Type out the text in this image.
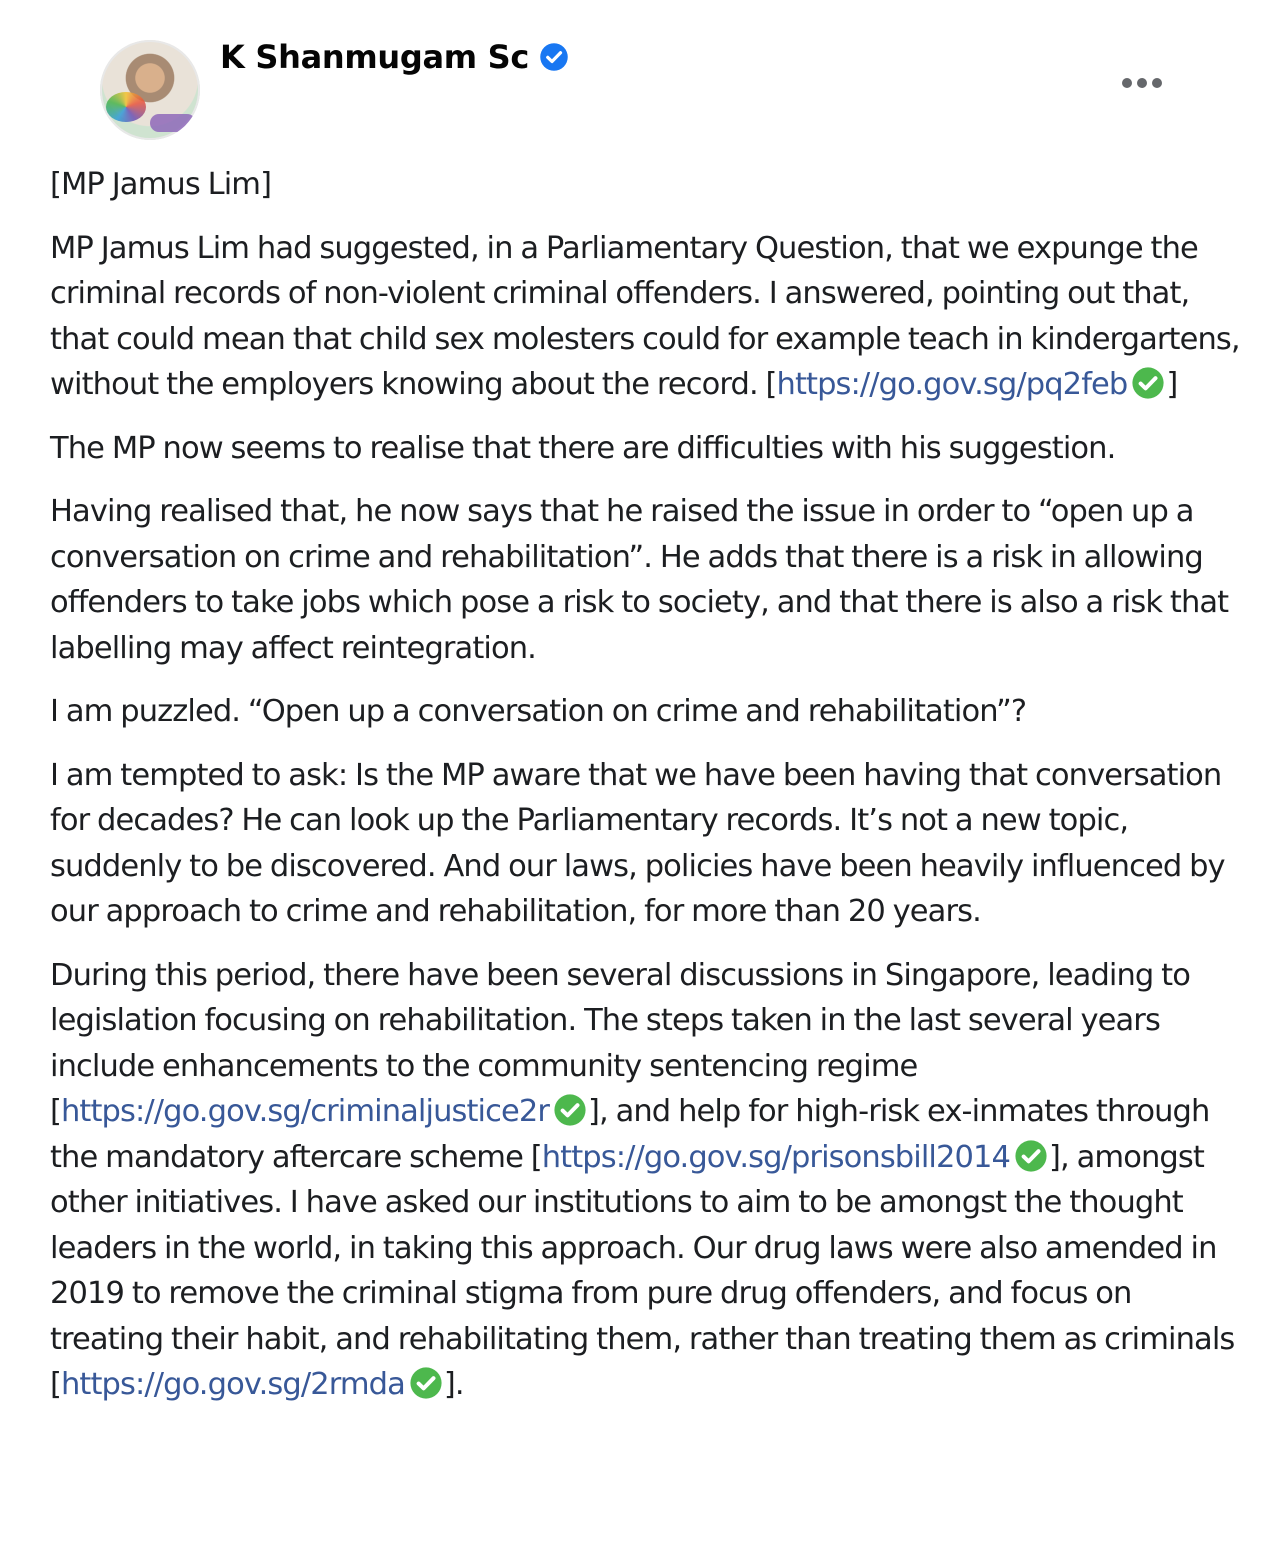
K Shanmugam Sc

[MP Jamus Lim]

MP Jamus Lim had suggested, in a Parliamentary Question, that we expunge the criminal records of non-violent criminal offenders. I answered, pointing out that, that could mean that child sex molesters could for example teach in kindergartens, without the employers knowing about the record. [https://go.gov.sg/pq2feb ]

The MP now seems to realise that there are difficulties with his suggestion.

Having realised that, he now says that he raised the issue in order to “open up a conversation on crime and rehabilitation”. He adds that there is a risk in allowing offenders to take jobs which pose a risk to society, and that there is also a risk that labelling may affect reintegration.

I am puzzled. “Open up a conversation on crime and rehabilitation”?

I am tempted to ask: Is the MP aware that we have been having that conversation for decades? He can look up the Parliamentary records. It’s not a new topic, suddenly to be discovered. And our laws, policies have been heavily influenced by our approach to crime and rehabilitation, for more than 20 years.

During this period, there have been several discussions in Singapore, leading to legislation focusing on rehabilitation. The steps taken in the last several years include enhancements to the community sentencing regime [https://go.gov.sg/criminaljustice2r ], and help for high-risk ex-inmates through the mandatory aftercare scheme [https://go.gov.sg/prisonsbill2014 ], amongst other initiatives. I have asked our institutions to aim to be amongst the thought leaders in the world, in taking this approach. Our drug laws were also amended in 2019 to remove the criminal stigma from pure drug offenders, and focus on treating their habit, and rehabilitating them, rather than treating them as criminals [https://go.gov.sg/2rmda ].
